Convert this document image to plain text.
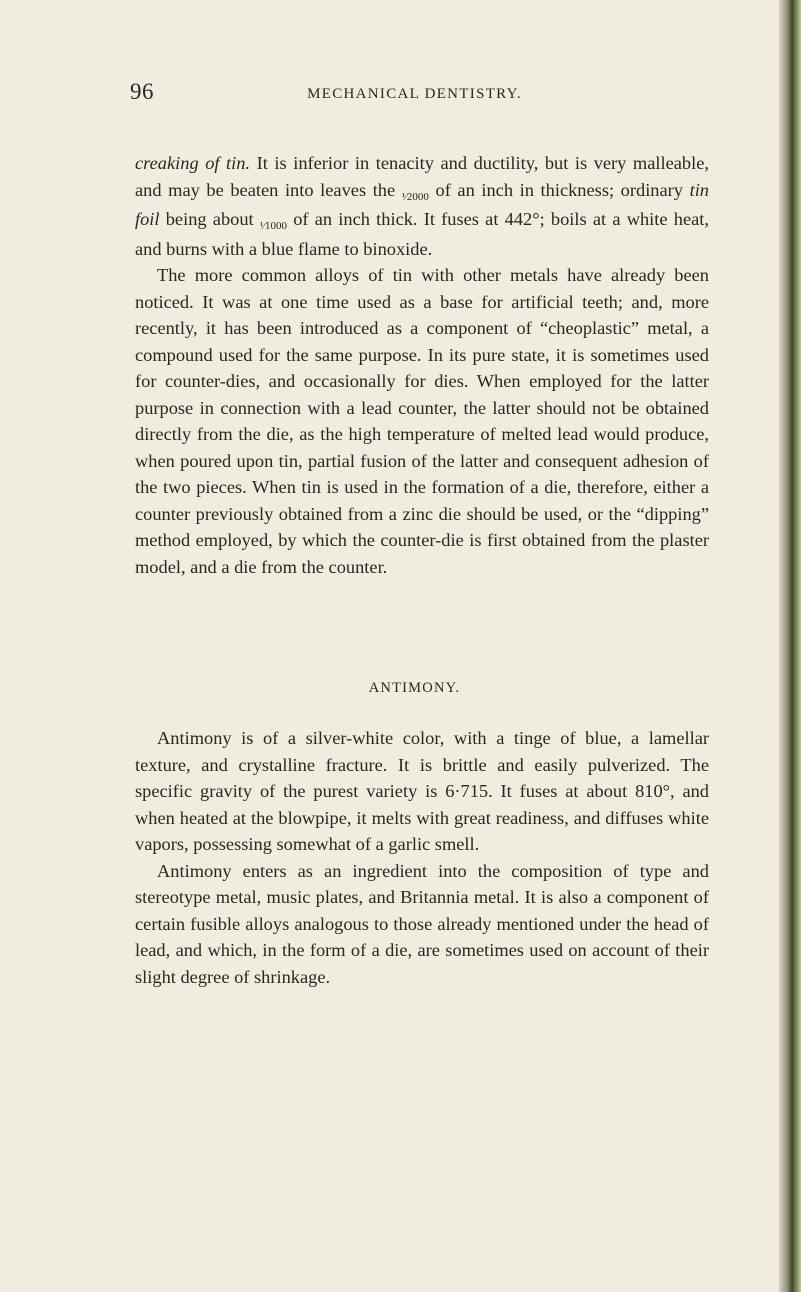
96	MECHANICAL DENTISTRY.

creaking of tin. It is inferior in tenacity and ductility, but is very malleable, and may be beaten into leaves the $_{^1⁄2000}$ of an inch in thickness; ordinary tin foil being about $_{^1⁄1000}$ of an inch thick. It fuses at 442°; boils at a white heat, and burns with a blue flame to binoxide.

The more common alloys of tin with other metals have already been noticed. It was at one time used as a base for artificial teeth; and, more recently, it has been introduced as a component of “cheoplastic” metal, a compound used for the same purpose. In its pure state, it is sometimes used for counter-dies, and occasionally for dies. When employed for the latter purpose in connection with a lead counter, the latter should not be obtained directly from the die, as the high temperature of melted lead would produce, when poured upon tin, partial fusion of the latter and consequent adhesion of the two pieces. When tin is used in the formation of a die, therefore, either a counter previously obtained from a zinc die should be used, or the “dipping” method employed, by which the counter-die is first obtained from the plaster model, and a die from the counter.

ANTIMONY.

Antimony is of a silver-white color, with a tinge of blue, a lamellar texture, and crystalline fracture. It is brittle and easily pulverized. The specific gravity of the purest variety is 6·715. It fuses at about 810°, and when heated at the blowpipe, it melts with great readiness, and diffuses white vapors, possessing somewhat of a garlic smell.

Antimony enters as an ingredient into the composition of type and stereotype metal, music plates, and Britannia metal. It is also a component of certain fusible alloys analogous to those already mentioned under the head of lead, and which, in the form of a die, are sometimes used on account of their slight degree of shrinkage.
